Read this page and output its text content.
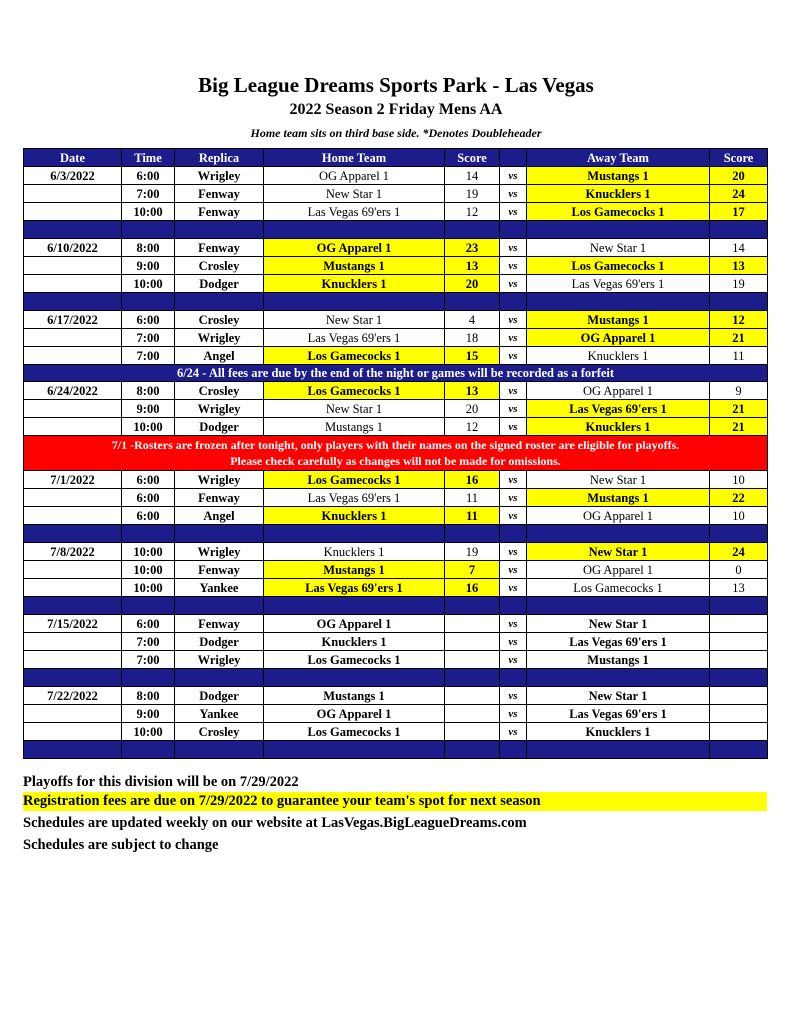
Big League Dreams Sports Park - Las Vegas
2022 Season 2 Friday Mens AA
Home team sits on third base side. *Denotes Doubleheader
Date	Time	Replica	Home Team	Score		Away Team	Score
6/3/2022	6:00	Wrigley	OG Apparel 1	14	vs	Mustangs 1	20
	7:00	Fenway	New Star 1	19	vs	Knucklers 1	24
	10:00	Fenway	Las Vegas 69'ers 1	12	vs	Los Gamecocks 1	17

6/10/2022	8:00	Fenway	OG Apparel 1	23	vs	New Star 1	14
	9:00	Crosley	Mustangs 1	13	vs	Los Gamecocks 1	13
	10:00	Dodger	Knucklers 1	20	vs	Las Vegas 69'ers 1	19

6/17/2022	6:00	Crosley	New Star 1	4	vs	Mustangs 1	12
	7:00	Wrigley	Las Vegas 69'ers 1	18	vs	OG Apparel 1	21
	7:00	Angel	Los Gamecocks 1	15	vs	Knucklers 1	11

6/24 - All fees are due by the end of the night or games will be recorded as a forfeit							

6/24/2022	8:00	Crosley	Los Gamecocks 1	13	vs	OG Apparel 1	9
	9:00	Wrigley	New Star 1	20	vs	Las Vegas 69'ers 1	21
	10:00	Dodger	Mustangs 1	12	vs	Knucklers 1	21

7/1 -Rosters are frozen after tonight, only players with their names on the signed roster are eligible for playoffs.
Please check carefully as changes will not be made for omissions.							

7/1/2022	6:00	Wrigley	Los Gamecocks 1	16	vs	New Star 1	10
	6:00	Fenway	Las Vegas 69'ers 1	11	vs	Mustangs 1	22
	6:00	Angel	Knucklers 1	11	vs	OG Apparel 1	10

7/8/2022	10:00	Wrigley	Knucklers 1	19	vs	New Star 1	24
	10:00	Fenway	Mustangs 1	7	vs	OG Apparel 1	0
	10:00	Yankee	Las Vegas 69'ers 1	16	vs	Los Gamecocks 1	13

7/15/2022	6:00	Fenway	OG Apparel 1		vs	New Star 1	
	7:00	Dodger	Knucklers 1		vs	Las Vegas 69'ers 1	
	7:00	Wrigley	Los Gamecocks 1		vs	Mustangs 1	

7/22/2022	8:00	Dodger	Mustangs 1		vs	New Star 1	
	9:00	Yankee	OG Apparel 1		vs	Las Vegas 69'ers 1	
	10:00	Crosley	Los Gamecocks 1		vs	Knucklers 1	

Playoffs for this division will be on 7/29/2022
Registration fees are due on 7/29/2022 to guarantee your team's spot for next season
Schedules are updated weekly on our website at LasVegas.BigLeagueDreams.com
Schedules are subject to change
